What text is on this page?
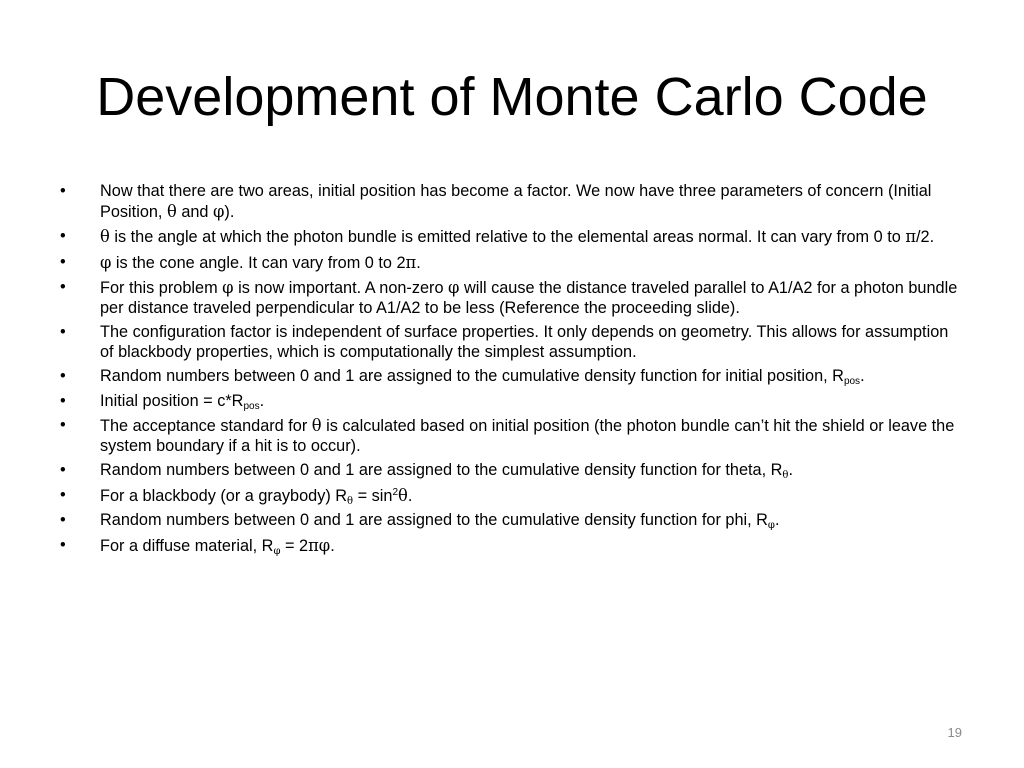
Development of Monte Carlo Code
•	Now that there are two areas, initial position has become a factor. We now have three parameters of concern (Initial Position, θ and φ).
•	θ is the angle at which the photon bundle is emitted relative to the elemental areas normal. It can vary from 0 to π/2.
•	φ is the cone angle. It can vary from 0 to 2π.
•	For this problem φ is now important. A non-zero φ will cause the distance traveled parallel to A1/A2 for a photon bundle per distance traveled perpendicular to A1/A2 to be less (Reference the proceeding slide).
•	The configuration factor is independent of surface properties. It only depends on geometry. This allows for assumption of blackbody properties, which is computationally the simplest assumption.
•	Random numbers between 0 and 1 are assigned to the cumulative density function for initial position, $R_{pos}$.
•	Initial position = $c*R_{pos}$.
•	The acceptance standard for θ is calculated based on initial position (the photon bundle can’t hit the shield or leave the system boundary if a hit is to occur).
•	Random numbers between 0 and 1 are assigned to the cumulative density function for theta, $R_\theta$.
•	For a blackbody (or a graybody) $R_\theta = \sin^2\theta$.
•	Random numbers between 0 and 1 are assigned to the cumulative density function for phi, $R_\varphi$.
•	For a diffuse material, $R_\varphi = 2\pi\varphi$.
19
